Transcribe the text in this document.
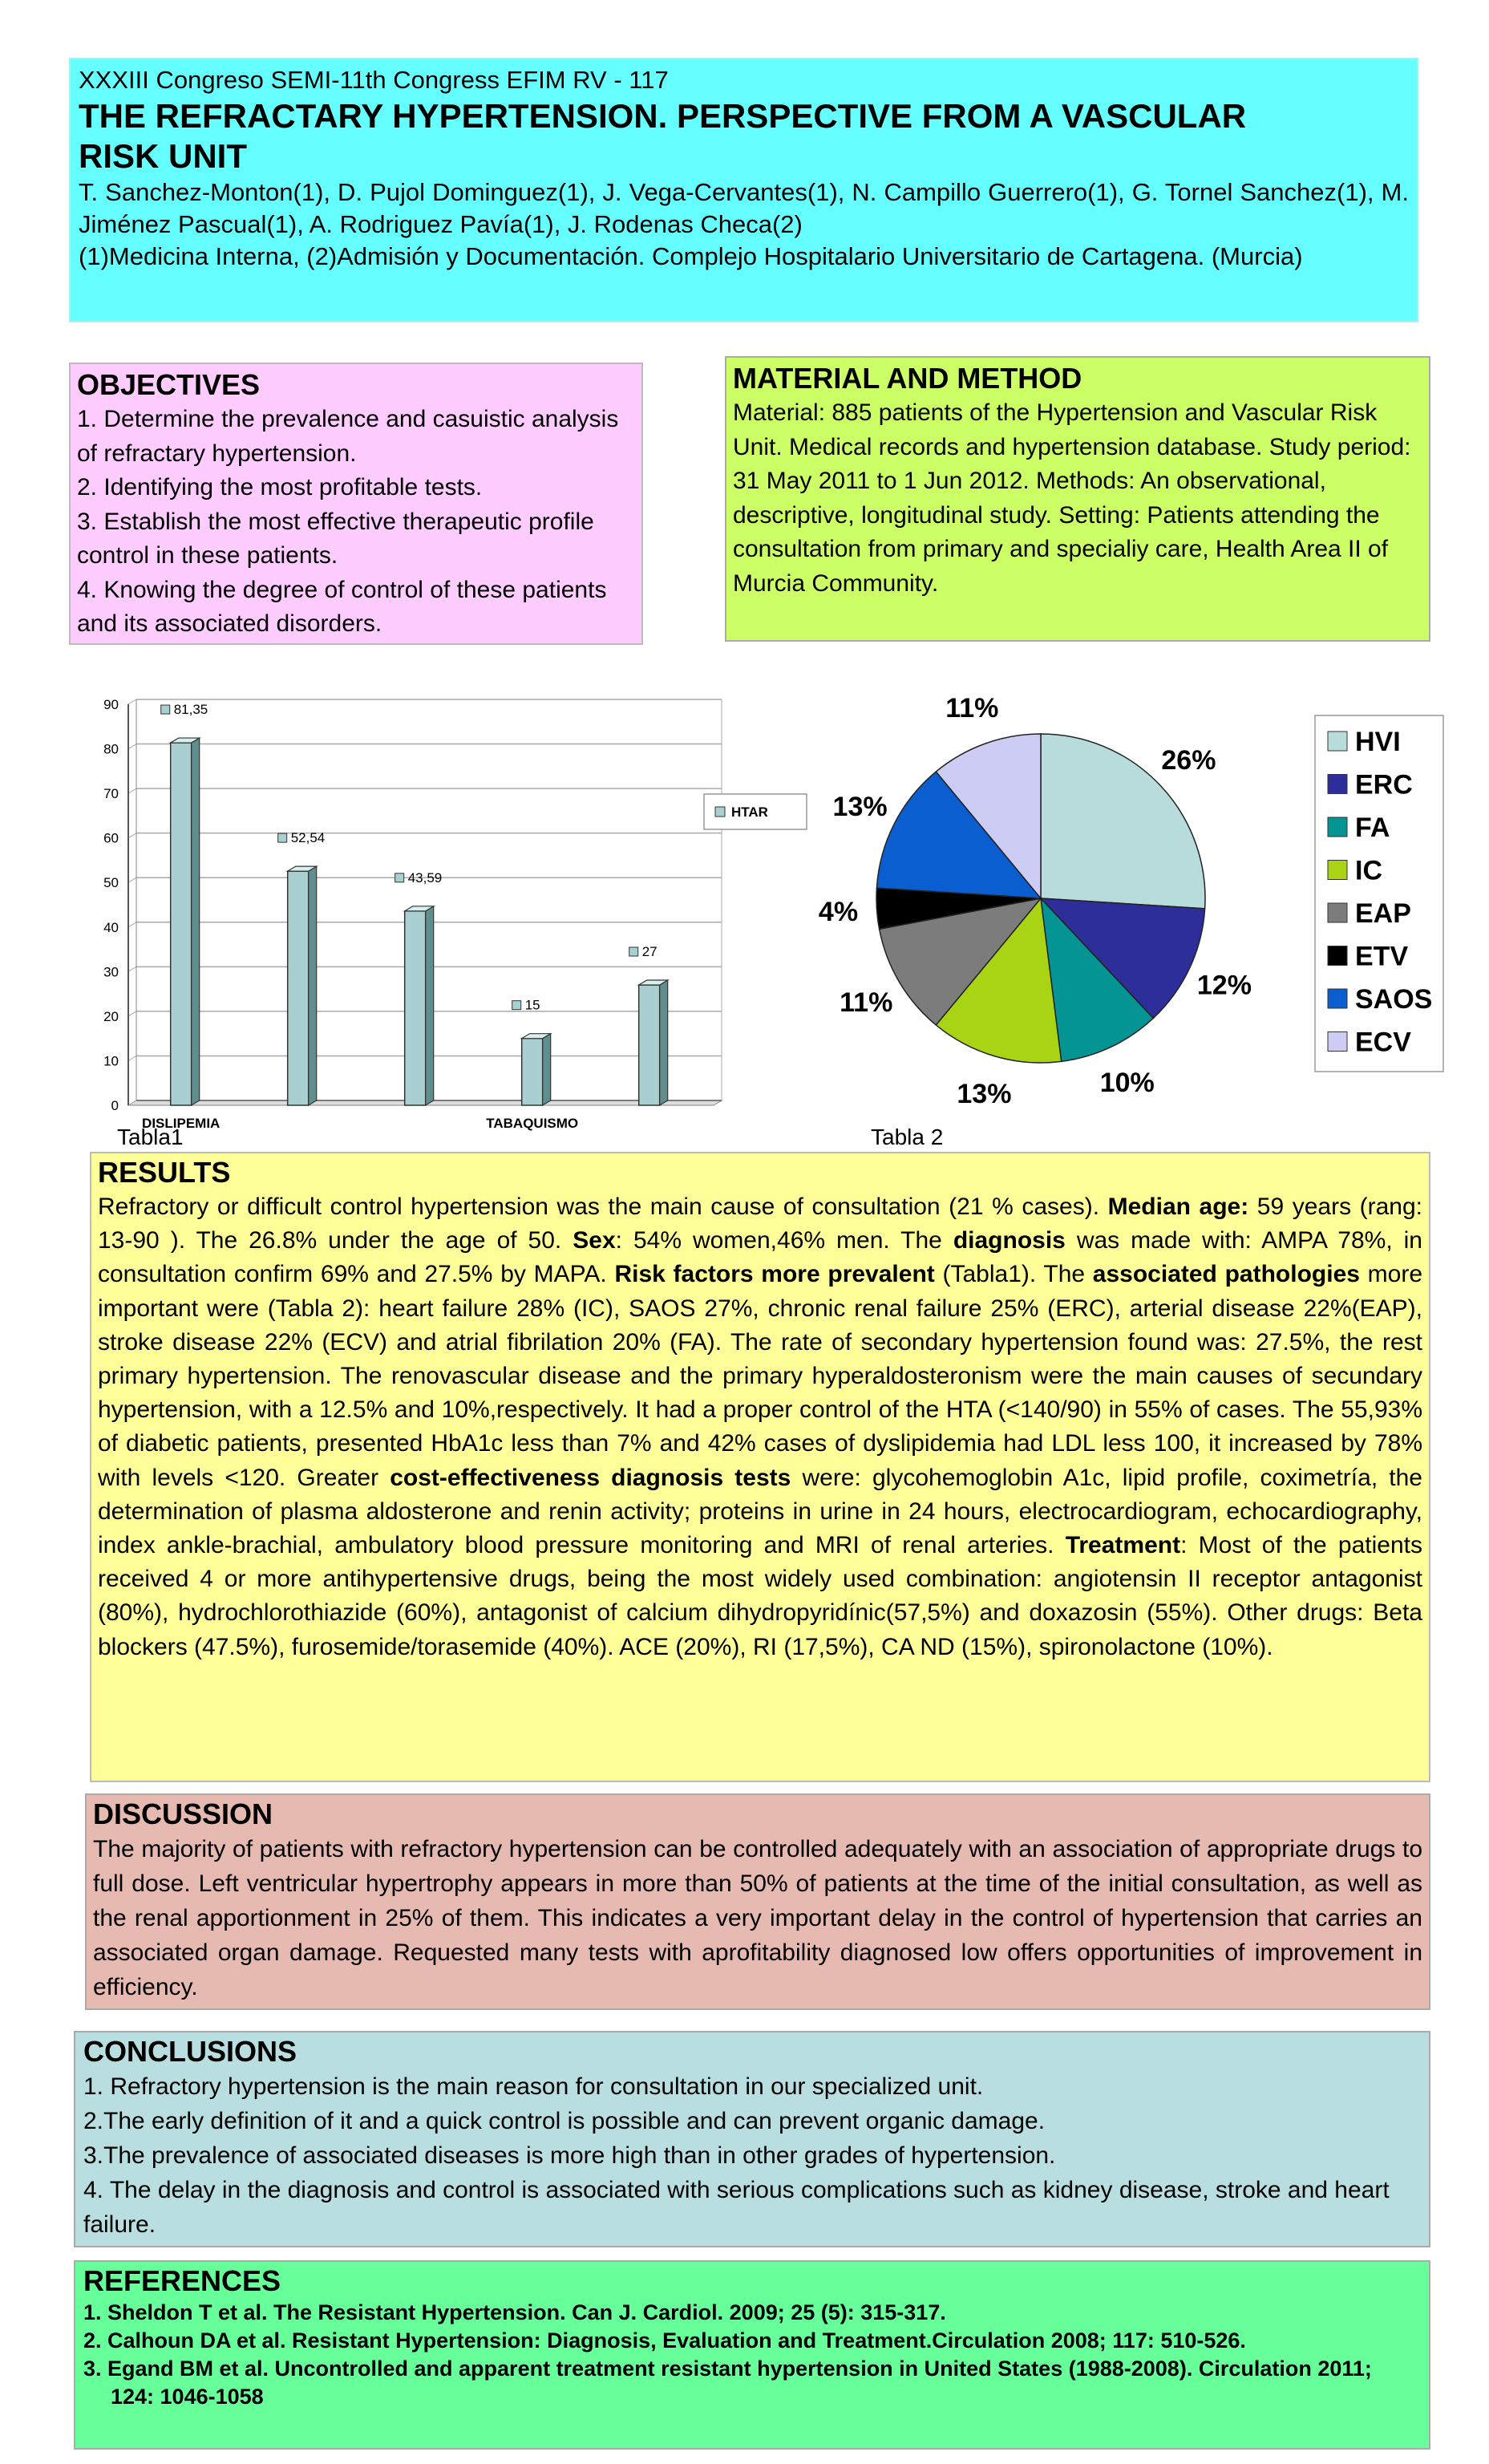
XXXIII Congreso SEMI-11th Congress EFIM RV - 117

THE REFRACTARY HYPERTENSION. PERSPECTIVE FROM A VASCULAR

RISK UNIT

T. Sanchez-Monton(1), D. Pujol Dominguez(1), J. Vega-Cervantes(1), N. Campillo Guerrero(1), G. Tornel Sanchez(1), M. Jiménez Pascual(1), A. Rodriguez Pavía(1), J. Rodenas Checa(2)

(1)Medicina Interna, (2)Admisión y Documentación. Complejo Hospitalario Universitario de Cartagena. (Murcia)

OBJECTIVES

1. Determine the prevalence and casuistic analysis of refractary hypertension.

2. Identifying the most profitable tests.

3. Establish the most effective therapeutic profile control in these patients.

4. Knowing the degree of control of these patients and its associated disorders.

MATERIAL AND METHOD

Material: 885 patients of the Hypertension and Vascular Risk Unit. Medical records and hypertension database. Study period: 31 May 2011 to 1 Jun 2012. Methods: An observational, descriptive, longitudinal study. Setting: Patients attending the consultation from primary and specialiy care, Health Area II of Murcia Community.

0
10
20
30
40
50
60
70
80
90	81,35
DISLIPEMIA
52,54
43,59
15
TABAQUISMO
27
HTAR
Tabla1
26%
12%
10%
13%
11%
4%
13%
11%
HVI
ERC
FA
IC
EAP
ETV
SAOS
ECV
Tabla 2

RESULTS

Refractory or difficult control hypertension was the main cause of consultation (21 % cases). Median age: 59 years (rang: 13-90 ). The 26.8% under the age of 50. Sex: 54% women,46% men. The diagnosis was made with: AMPA 78%, in consultation confirm 69% and 27.5% by MAPA. Risk factors more prevalent (Tabla1). The associated pathologies more important were (Tabla 2): heart failure 28% (IC), SAOS 27%, chronic renal failure 25% (ERC), arterial disease 22%(EAP), stroke disease 22% (ECV) and atrial fibrilation 20% (FA). The rate of secondary hypertension found was: 27.5%, the rest primary hypertension. The renovascular disease and the primary hyperaldosteronism were the main causes of secundary hypertension, with a 12.5% and 10%,respectively. It had a proper control of the HTA (<140/90) in 55% of cases. The 55,93% of diabetic patients, presented HbA1c less than 7% and 42% cases of dyslipidemia had LDL less 100, it increased by 78% with levels <120. Greater cost-effectiveness diagnosis tests were: glycohemoglobin A1c, lipid profile, coximetría, the determination of plasma aldosterone and renin activity; proteins in urine in 24 hours, electrocardiogram, echocardiography, index ankle-brachial, ambulatory blood pressure monitoring and MRI of renal arteries. Treatment: Most of the patients received 4 or more antihypertensive drugs, being the most widely used combination: angiotensin II receptor antagonist (80%), hydrochlorothiazide (60%), antagonist of calcium dihydropyridínic(57,5%) and doxazosin (55%). Other drugs: Beta blockers (47.5%), furosemide/torasemide (40%). ACE (20%), RI (17,5%), CA ND (15%), spironolactone (10%).

DISCUSSION

The majority of patients with refractory hypertension can be controlled adequately with an association of appropriate drugs to full dose. Left ventricular hypertrophy appears in more than 50% of patients at the time of the initial consultation, as well as the renal apportionment in 25% of them. This indicates a very important delay in the control of hypertension that carries an associated organ damage. Requested many tests with aprofitability diagnosed low offers opportunities of improvement in efficiency.

CONCLUSIONS

1. Refractory hypertension is the main reason for consultation in our specialized unit.

2.The early definition of it and a quick control is possible and can prevent organic damage.

3.The prevalence of associated diseases is more high than in other grades of hypertension.

4. The delay in the diagnosis and control is associated with serious complications such as kidney disease, stroke and heart failure.

REFERENCES

1. Sheldon T et al. The Resistant Hypertension. Can J. Cardiol. 2009; 25 (5): 315-317.

2. Calhoun DA et al. Resistant Hypertension: Diagnosis, Evaluation and Treatment.Circulation 2008; 117: 510-526.

3. Egand BM et al. Uncontrolled and apparent treatment resistant hypertension in United States (1988-2008). Circulation 2011; 124: 1046-1058
